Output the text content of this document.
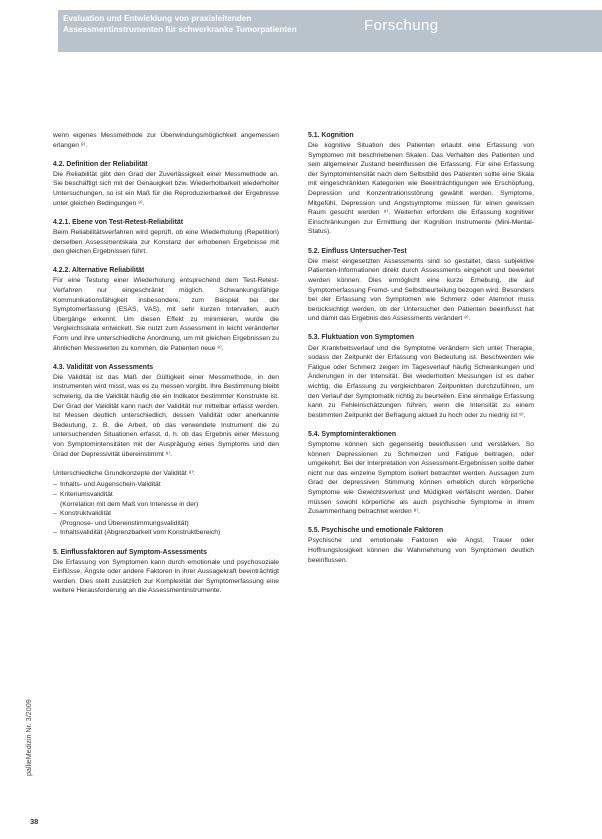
Evaluation und Entwicklung von praxisleitenden
Assessmentinstrumenten für schwerkranke Tumorpatienten	Forschung

wenn eigenes Messmethode zur Überwindungsmöglichkeit angemessen erlangen ⁸⁾.

4.2. Definition der Reliabilität

Die Reliabilität gibt den Grad der Zuverlässigkeit einer Messmethode an. Sie beschäftigt sich mit der Genauigkeit bzw. Wiederholbarkeit wiederholter Untersuchungen, so ist ein Maß für die Reproduzierbarkeit der Ergebnisse unter gleichen Bedingungen ⁸⁾.

4.2.1. Ebene von Test-Retest-Reliabilität

Beim Reliabilitätsverfahren wird geprüft, ob eine Wiederholung (Repetition) derselben Assessmentskala zur Konstanz der erhobenen Ergebnisse mit den gleichen Ergebnissen führt.

4.2.2. Alternative Reliabilität

Für eine Testung einer Wiederholung entsprechend dem Test-Retest-Verfahren nur eingeschränkt möglich. Schwankungsfähige Kommunikationsfähigkeit insbesondere, zum Beispiel bei der Symptomerfassung (ESAS, VAS), mit sehr kurzen Intervallen, auch Übergänge erkennt. Um diesen Effekt zu minimieren, wurde die Vergleichsskala entwickelt. Sie nutzt zum Assessment in leicht veränderter Form und ihre unterschiedliche Anordnung, um mit gleichen Ergebnissen zu ähnlichen Messwerten zu kommen, die Patienten neue ⁸⁾.

4.3. Validität von Assessments

Die Validität ist das Maß der Gültigkeit einer Messmethode, in den Instrumenten wird misst, was es zu messen vorgibt. Ihre Bestimmung bleibt schwierig, da die Validität häufig die ein Indikator bestimmter Konstrukte ist. Der Grad der Validität kann nach der Validität nur mittelbar erfasst werden. Ist Messen deutlich unterschiedlich, dessen Validität oder anerkannte Bedeutung, z. B. die Arbeit, ob das verwendete Instrument die zu untersuchenden Situationen erfasst, d. h. ob das Ergebnis einer Messung von Symptomintensitäten mit der Ausprägung eines Symptoms und den Grad der Depressivität übereinstimmt ⁸⁾.

Unterschiedliche Grundkonzepte der Validität ⁸⁾:

– Inhalts- und Augenschein-Validität
– Kriteriumsvalidität
(Korrelation mit dem Maß von Interesse in der)
– Konstruktvalidität
(Prognose- und Übereinstimmungsvalidität)
– Inhaltsvalidität (Abgrenzbarkeit vom Konstruktbereich)
5. Einflussfaktoren auf Symptom-Assessments

Die Erfassung von Symptomen kann durch emotionale und psychosoziale Einflüsse, Ängste oder andere Faktoren in ihrer Aussagekraft beeinträchtigt werden. Dies stellt zusätzlich zur Komplexität der Symptomerfassung eine weitere Herausforderung an die Assessmentinstrumente.

5.1. Kognition

Die kognitive Situation des Patienten erlaubt eine Erfassung von Symptomen mit beschriebenen Skalen. Das Verhalten des Patienten und sein allgemeiner Zustand beeinflussen die Erfassung. Für eine Erfassung der Symptomintensität nach dem Selbstbild des Patienten sollte eine Skala mit eingeschränkten Kategorien wie Beeinträchtigungen wie Erschöpfung, Depression und Konzentrationsstörung gewählt werden. Symptome, Mitgefühl, Depression und Angstsymptome müssen für einen gewissen Raum gesucht werden ⁸⁾. Weiterhin erfordern die Erfassung kognitiver Einschränkungen zur Ermittlung der Kognition Instrumente (Mini-Mental-Status).

5.2. Einfluss Untersucher-Test

Die meist eingesetzten Assessments sind so gestaltet, dass subjektive Patienten-Informationen direkt durch Assessments eingeholt und bewertet werden können. Dies ermöglicht eine kurze Erhebung, die auf Symptomerfassung Fremd- und Selbstbeurteilung bezogen wird. Besonders bei der Erfassung von Symptomen wie Schmerz oder Atemnot muss berücksichtigt werden, ob der Untersucher den Patienten beeinflusst hat und damit das Ergebnis des Assessments verändert ⁸⁾.

5.3. Fluktuation von Symptomen

Der Krankheitsverlauf und die Symptome verändern sich unter Therapie, sodass der Zeitpunkt der Erfassung von Bedeutung ist. Beschwerden wie Fatigue oder Schmerz zeigen im Tagesverlauf häufig Schwankungen und Änderungen in der Intensität. Bei wiederholten Messungen ist es daher wichtig, die Erfassung zu vergleichbaren Zeitpunkten durchzuführen, um den Verlauf der Symptomatik richtig zu beurteilen. Eine einmalige Erfassung kann zu Fehleinschätzungen führen, wenn die Intensität zu einem bestimmten Zeitpunkt der Befragung aktuell zu hoch oder zu niedrig ist ⁸⁾.

5.4. Symptominteraktionen

Symptome können sich gegenseitig beeinflussen und verstärken. So können Depressionen zu Schmerzen und Fatigue beitragen, oder umgekehrt. Bei der Interpretation von Assessment-Ergebnissen sollte daher nicht nur das einzelne Symptom isoliert betrachtet werden. Aussagen zum Grad der depressiven Stimmung können erheblich durch körperliche Symptome wie Gewichtsverlust und Müdigkeit verfälscht werden. Daher müssen sowohl körperliche als auch psychische Symptome in ihrem Zusammenhang betrachtet werden ⁸⁾.

5.5. Psychische und emotionale Faktoren

Psychische und emotionale Faktoren wie Angst, Trauer oder Hoffnungslosigkeit können die Wahrnehmung von Symptomen deutlich beeinflussen.

pallieMedizin Nr. 3/2009
38
